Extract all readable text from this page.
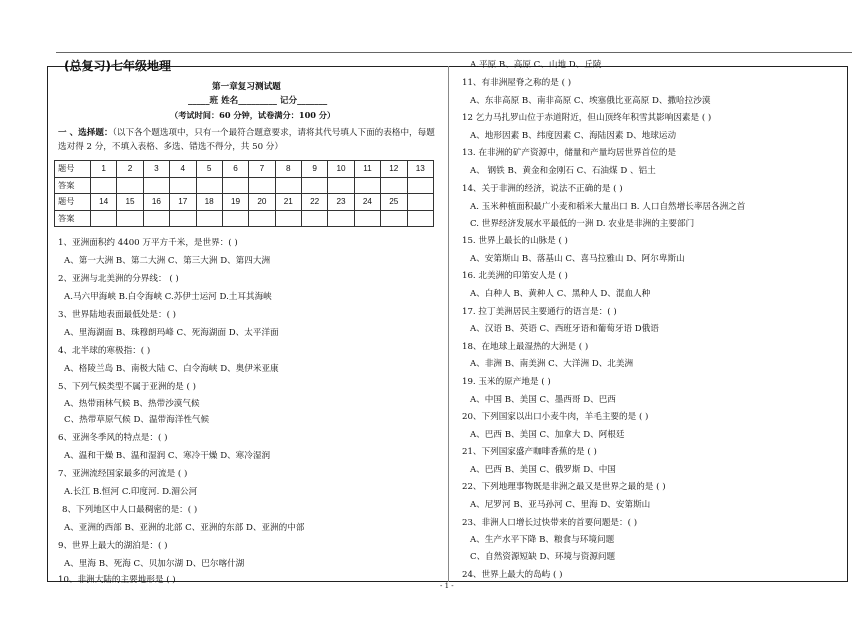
(总复习)七年级地理
第一章复习测试题
_____班 姓名_________ 记分_______
（考试时间：60 分钟，试卷满分：100 分）
一 、选择题：（以下各个题选项中，只有一个最符合题意要求，请将其代号填人下面的表格中，每题选对得 2 分，不填入表格、多选、错选不得分，共 50 分）
题号	1	2	3	4	5	6	7	8	9	10	11	12	13
答案													
题号	14	15	16	17	18	19	20	21	22	23	24	25	
答案													
1、亚洲面积约 4400 万平方千米，是世界：( )
A、第一大洲 B、第二大洲 C、第三大洲 D、第四大洲
2、亚洲与北美洲的分界线： ( )
A.马六甲海峡 B.白令海峡 C.苏伊士运河 D.土耳其海峡
3、世界陆地表面最低处是：( )
A、里海湖面 B、珠穆朗玛峰 C、死海湖面 D、太平洋面
4、北半球的寒极指：( )
A、格陵兰岛 B、南极大陆 C、白令海峡 D、奥伊米亚康
5、下列气候类型不属于亚洲的是 ( )
A、热带雨林气候 B、热带沙漠气候
C、热带草原气候 D、温带海洋性气候
6、亚洲冬季风的特点是：( )
A、温和干燥 B、温和湿润 C、寒冷干燥 D、寒冷湿润
7、亚洲流经国家最多的河流是 ( )
A.长江 B.恒河 C.印度河. D.湄公河
8、下列地区中人口最稠密的是：( )
A、亚洲的西部 B、亚洲的北部 C、亚洲的东部 D、亚洲的中部
9、世界上最大的湖泊是：( )
A、里海 B、死海 C、贝加尔湖 D、巴尔喀什湖
10、非洲大陆的主要地形是 ( )
A.平原 B、高原 C、山地 D、丘陵
11、有非洲屋脊之称的是 ( )
A、东非高原 B、南非高原 C、埃塞俄比亚高原 D、撒哈拉沙漠
12 乞力马扎罗山位于赤道附近，但山顶终年积雪其影响因素是 ( )
A、地形因素 B、纬度因素 C、海陆因素 D、地球运动
13. 在非洲的矿产资源中，储量和产量均居世界首位的是
A、 钢铁 B、黄金和金刚石 C、石油煤 D 、铝土
14、关于非洲的经济，说法不正确的是 ( )
A. 玉米种植面积最广小麦和稻米大量出口 B. 人口自然增长率居各洲之首
C. 世界经济发展水平最低的一洲 D. 农业是非洲的主要部门
15. 世界上最长的山脉是 ( )
A、安第斯山 B、落基山 C、喜马拉雅山 D、阿尔卑斯山
16. 北美洲的印第安人是 ( )
A、白种人 B、黄种人 C、黑种人 D、混血人种
17. 拉丁美洲居民主要通行的语言是：( )
A、汉语 B、英语 C、西班牙语和葡萄牙语 D俄语
18、在地球上最湿热的大洲是 ( )
A、非洲 B、南美洲 C、大洋洲 D、北美洲
19. 玉米的原产地是 ( )
A、中国 B、美国 C、墨西哥 D、巴西
20、下列国家以出口小麦牛肉，羊毛主要的是 ( )
A、巴西 B、美国 C、加拿大 D、阿根廷
21、下列国家盛产咖啡香蕉的是 ( )
A、巴西 B、美国 C、俄罗斯 D、中国
22、下列地理事物既是非洲之最又是世界之最的是 ( )
A、尼罗河 B、亚马孙河 C、里海 D、安第斯山
23、非洲人口增长过快带来的首要问题是：( )
A、生产水平下降 B、粮食与环境问题
C、自然资源短缺 D、环境与资源问题
24、世界上最大的岛屿 ( )
- 1 -
